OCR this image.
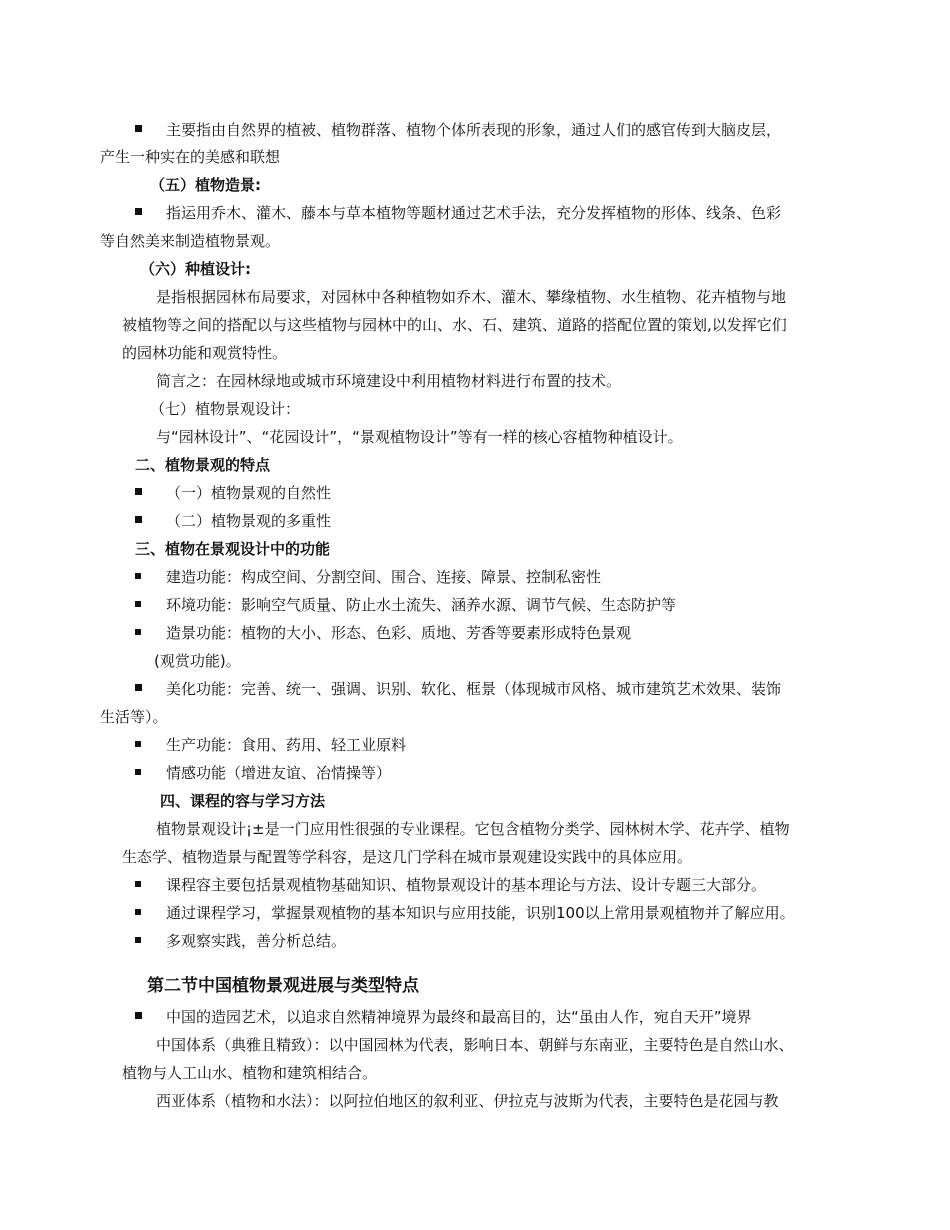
主要指由自然界的植被、植物群落、植物个体所表现的形象，通过人们的感官传到大脑皮层，
产生一种实在的美感和联想
（五）植物造景:
指运用乔木、灌木、藤本与草本植物等题材通过艺术手法，充分发挥植物的形体、线条、色彩
等自然美来制造植物景观。
（六）种植设计:
是指根据园林布局要求，对园林中各种植物如乔木、灌木、攀缘植物、水生植物、花卉植物与地
被植物等之间的搭配以与这些植物与园林中的山、水、石、建筑、道路的搭配位置的策划,以发挥它们
的园林功能和观赏特性。
简言之：在园林绿地或城市环境建设中利用植物材料进行布置的技术。
（七）植物景观设计：
与“园林设计”、“花园设计”，“景观植物设计”等有一样的核心容植物种植设计。
二、植物景观的特点
（一）植物景观的自然性
（二）植物景观的多重性
三、植物在景观设计中的功能
建造功能：构成空间、分割空间、围合、连接、障景、控制私密性
环境功能：影响空气质量、防止水土流失、涵养水源、调节气候、生态防护等
造景功能：植物的大小、形态、色彩、质地、芳香等要素形成特色景观
(观赏功能)。
美化功能：完善、统一、强调、识别、软化、框景（体现城市风格、城市建筑艺术效果、装饰
生活等）。
生产功能：食用、药用、轻工业原料
情感功能（增进友谊、冶情操等）
四、课程的容与学习方法
植物景观设计¡±是一门应用性很强的专业课程。它包含植物分类学、园林树木学、花卉学、植物
生态学、植物造景与配置等学科容，是这几门学科在城市景观建设实践中的具体应用。
课程容主要包括景观植物基础知识、植物景观设计的基本理论与方法、设计专题三大部分。
通过课程学习，掌握景观植物的基本知识与应用技能，识别100以上常用景观植物并了解应用。
多观察实践，善分析总结。
第二节中国植物景观进展与类型特点
中国的造园艺术，以追求自然精神境界为最终和最高目的，达“虽由人作，宛自天开”境界
中国体系（典雅且精致）：以中国园林为代表，影响日本、朝鲜与东南亚，主要特色是自然山水、
植物与人工山水、植物和建筑相结合。
西亚体系（植物和水法）：以阿拉伯地区的叙利亚、伊拉克与波斯为代表，主要特色是花园与教
